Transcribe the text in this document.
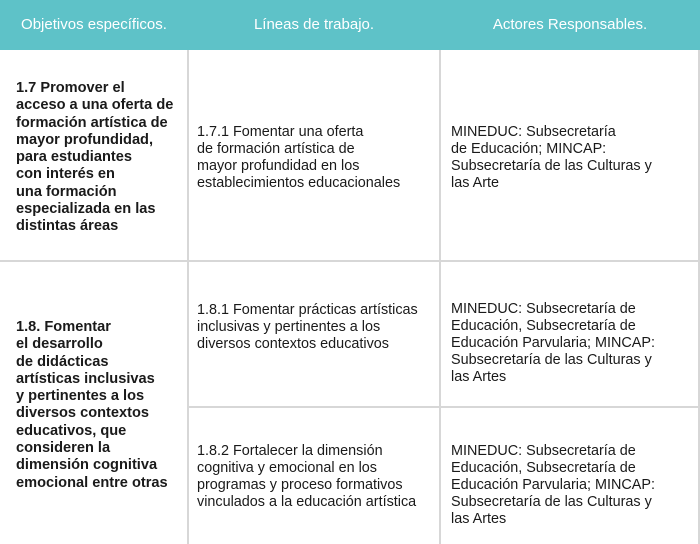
Objetivos específicos.	Líneas de trabajo.	Actores Responsables.
1.7 Promover el
acceso a una oferta de
formación artística de
mayor profundidad,
para estudiantes
con interés en
una formación
especializada en las
distintas áreas
1.7.1 Fomentar una oferta
de formación artística de
mayor profundidad en los
establecimientos educacionales
MINEDUC: Subsecretaría
de Educación; MINCAP:
Subsecretaría de las Culturas y
las Arte
1.8. Fomentar
el desarrollo
de didácticas
artísticas inclusivas
y pertinentes a los
diversos contextos
educativos, que
consideren la
dimensión cognitiva
emocional entre otras
1.8.1 Fomentar prácticas artísticas
inclusivas y pertinentes a los
diversos contextos educativos
MINEDUC: Subsecretaría de
Educación, Subsecretaría de
Educación Parvularia; MINCAP:
Subsecretaría de las Culturas y
las Artes
1.8.2 Fortalecer la dimensión
cognitiva y emocional en los
programas y proceso formativos
vinculados a la educación artística
MINEDUC: Subsecretaría de
Educación, Subsecretaría de
Educación Parvularia; MINCAP:
Subsecretaría de las Culturas y
las Artes
